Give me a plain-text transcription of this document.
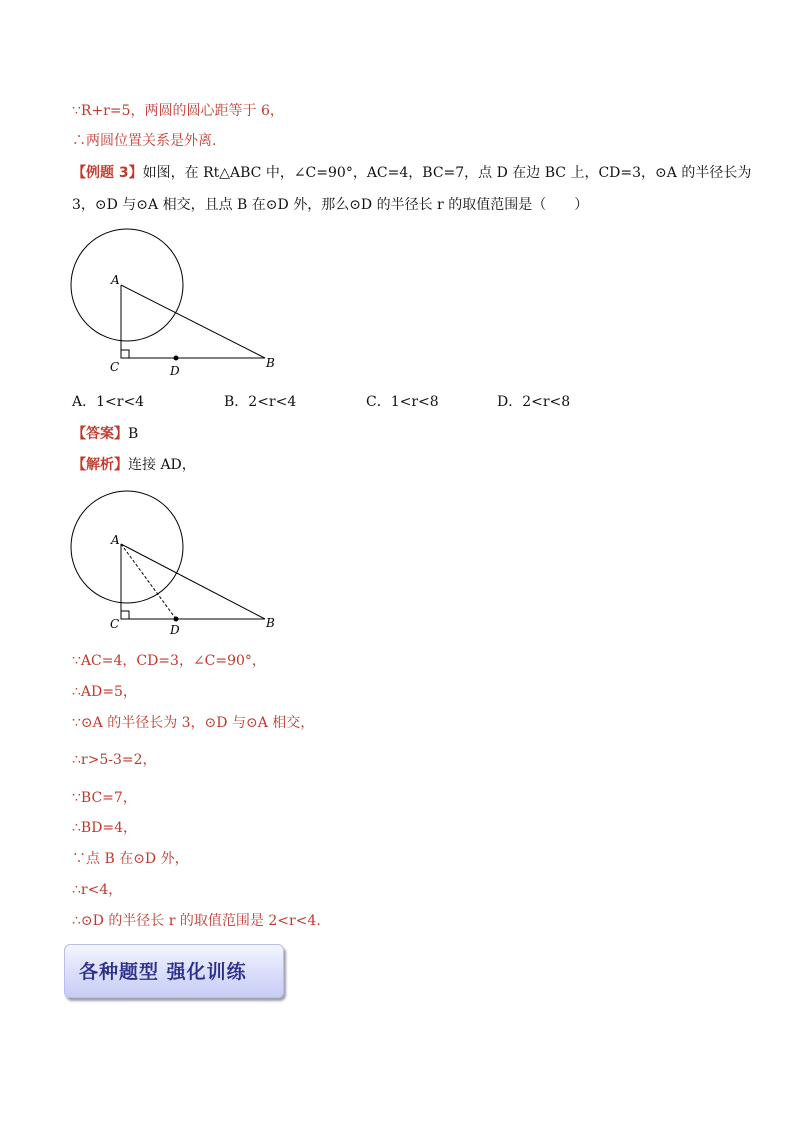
∵R+r=5，两圆的圆心距等于 6，
∴两圆位置关系是外离.
【例题 3】如图，在 Rt△ABC 中，∠C=90°，AC=4，BC=7，点 D 在边 BC 上，CD=3，⊙A 的半径长为
3，⊙D 与⊙A 相交，且点 B 在⊙D 外，那么⊙D 的半径长 r 的取值范围是（　　）
A
C	D
B
A．1<r<4	B．2<r<4	C．1<r<8	D．2<r<8
【答案】B
【解析】连接 AD，
A
C	D	B
∵AC=4，CD=3，∠C=90°，
∴AD=5，
∵⊙A 的半径长为 3，⊙D 与⊙A 相交，
∴r>5-3=2，
∵BC=7，
∴BD=4，
∵点 B 在⊙D 外，
∴r<4，
∴⊙D 的半径长 r 的取值范围是 2<r<4.
各种题型 强化训练
